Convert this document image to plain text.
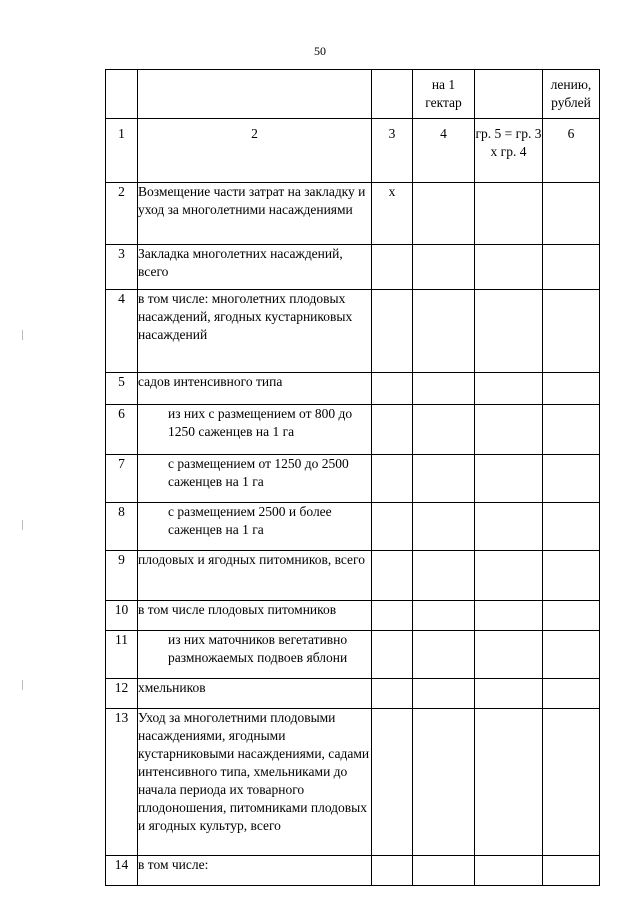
50
			на 1 гектар		лению, рублей
1	2	3	4	гр. 5 = гр. 3 х гр. 4	6
2	Возмещение части затрат на закладку и уход за многолетними насаждениями	х			
3	Закладка многолетних насаждений, всего				
4	в том числе: многолетних плодовых насаждений, ягодных кустарниковых насаждений				
5	садов интенсивного типа				
6	из них с размещением от 800 до 1250 саженцев на 1 га				
7	с размещением от 1250 до 2500 саженцев на 1 га				
8	с размещением 2500 и более саженцев на 1 га				
9	плодовых и ягодных питомников, всего				
10	в том числе плодовых питомников				
11	из них маточников вегетативно размножаемых подвоев яблони				
12	хмельников				
13	Уход за многолетними плодовыми насаждениями, ягодными кустарниковыми насаждениями, садами интенсивного типа, хмельниками до начала периода их товарного плодоношения, питомниками плодовых и ягодных культур, всего				
14	в том числе:				
